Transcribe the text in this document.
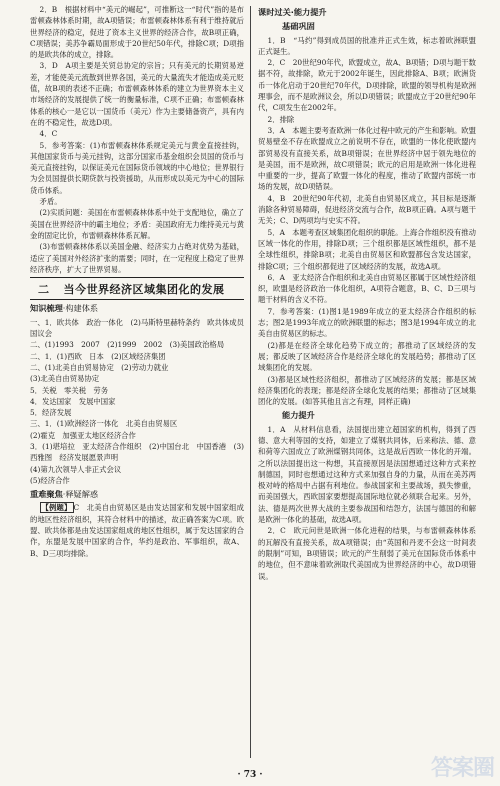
2．B　根据材料中“美元的崛起”，可推断这一“时代”指的是布雷顿森林体系时期，故A项错误；布雷顿森林体系有利于维持就后世界经济的稳定，促进了资本主义世界的经济合作，故B项正确，C项错误；美苏争霸局面形成于20世纪50年代，排除C项；D项指的是欧共体的成立，排除。

3．D　A项主要是关贸总协定的宗旨；只有美元的长期贸易逆差，才能使美元流散到世界各国，美元的大量流失才能造成美元贬值，故B项的表述不正确；布雷顿森林体系的建立为世界资本主义市场经济的发展提供了统一的衡量标准，C项不正确；布雷顿森林体系的核心一是它以一国货币（美元）作为主要储备资产，具有内在的不稳定性，故选D项。

4．C

5．参考答案：(1)布雷顿森林体系规定美元与黄金直接挂钩，其他国家货币与美元挂钩，这部分国家币基金组织会员国的货币与美元直接挂钩，以保证美元在国际货币领域的中心地位；世界银行为会员国提供长期贷款与投资援助，从而形成以美元为中心的国际货币体系。

矛盾。

(2)实质问题：美国在布雷顿森林体系中处于支配地位，确立了美国在世界经济中的霸主地位；矛盾：美国政府无力维持美元与黄金的固定比价，布雷顿森林体系瓦解。

(3)布雷顿森林体系以美国金融、经济实力占绝对优势为基础，适应了美国对外经济扩张的需要；同时，在一定程度上稳定了世界经济秩序，扩大了世界贸易。

二 当今世界经济区域集团化的发展
知识梳理·构建体系

一、1．欧共体　政治一体化　(2)马斯特里赫特条约　欧共体成员国议会

二、(1)1993　2007　(2)1999　2002　(3)美国政治格局

二、1．(1)西欧　日本　(2)区域经济集团

二、(1)北美自由贸易协定　(2)劳动力就业

(3)北美自由贸易协定

5．关税　零关税　劳务

4．发达国家　发展中国家

5．经济发展

三、1．(1)欧洲经济一体化　北美自由贸易区

(2)霍克　加强亚太地区经济合作

3．(1)堪培拉　亚太经济合作组织　(2)中国台北　中国香港　(3)西雅图　经济发展愿景声明

(4)第九次领导人非正式会议

(5)经济合作

重难聚焦·释疑解惑

【例题】 C　北美自由贸易区是由发达国家和发展中国家组成的地区性经济组织，其符合材料中的描述，故正确答案为C项。欧盟、欧共体都是由发达国家组成的地区性组织，属于发达国家的合作，东盟是发展中国家的合作，华约是政治、军事组织，故A、B、D三项均排除。

课时过关·能力提升
基础巩固

1．B　“马约”得到成员国的批准并正式生效，标志着欧洲联盟正式诞生。

2．C　20世纪90年代，欧盟成立，故A、B项错；D项与题干数据不符，故排除，欧元于2002年诞生，因此排除A、B项；欧洲货币一体化启动于20世纪70年代，D项排除，欧盟的领导机构是欧洲理事会，而不是欧洲议会，所以D项错误；欧盟成立于20世纪90年代，C项发生在2002年。

2．排除

3．A　本题主要考查欧洲一体化过程中欧元的产生和影响。欧盟贸易壁垒不存在欧盟成立之前说明不存在，欧盟的一体化使欧盟内部贸易没有直接关系，故B项错误；在世界经济中居于领先地位的是美国，而不是欧洲，故C项错误；欧元的启用是欧洲一体化进程中重要的一步，提高了欧盟一体化的程度，推动了欧盟内部统一市场的发展，故D项错误。

4．B　20世纪90年代初，北美自由贸易区成立，其目标是逐渐消除各种贸易障碍，促进经济交流与合作，故B项正确。A项与题干无关；C、D两项均与史实不符。

5．A　本题考查区域集团化组织的职能。上海合作组织没有推动区域一体化的作用，排除D项；三个组织都是区域性组织，都不是全球性组织，排除B项；北美自由贸易区和欧盟都包含发达国家，排除C项；三个组织都促进了区域经济的发展，故选A项。

6．A　亚太经济合作组织和北美自由贸易区都属于区域性经济组织，欧盟是经济政治一体化组织，A项符合题意，B、C、D三项与题干材料的含义不符。

7．参考答案：(1)图1是1989年成立的亚太经济合作组织的标志；图2是1993年成立的欧洲联盟的标志；图3是1994年成立的北美自由贸易区的标志。

(2)都是在经济全球化趋势下成立的；都推动了区域经济的发展；都反映了区域经济合作是经济全球化的发展趋势；都推动了区域集团化的发展。

(3)都是区域性经济组织，都推动了区域经济的发展；都是区域经济集团化的表现；都是经济全球化发展的结果；都推动了区域集团化的发展。(如答其他且言之有理，同样正确)

能力提升

1．A　从材料信息看，法国提出建立超国家的机构，得到了西德、意大利等国的支持，如建立了煤钢共同体，后来称法、德、意和荷等六国成立了欧洲煤钢共同体，这是战后西欧一体化的开端。之所以法国提出这一构想，其直接原因是法国想通过这种方式来控制德国，同时也想通过这种方式来加强自身的力量，从而在美苏两极对峙的格局中占据有利地位。参战国家和主要战场，损失惨重，而美国强大，西欧国家要想提高国际地位就必须联合起来。另外，法、德是两次世界大战的主要参战国和结怨方，法国与德国的和解是欧洲一体化的基础，故选A项。

2．C　欧元问世是欧洲一体化进程的结果，与布雷顿森林体系的瓦解没有直接关系，故A项错误；由“英国和丹麦不会这一时间表的限制”可知，B项错误；欧元的产生削弱了美元在国际货币体系中的地位，但不意味着欧洲取代美国成为世界经济的中心，故D项错误。

· 73 ·	答案圈
